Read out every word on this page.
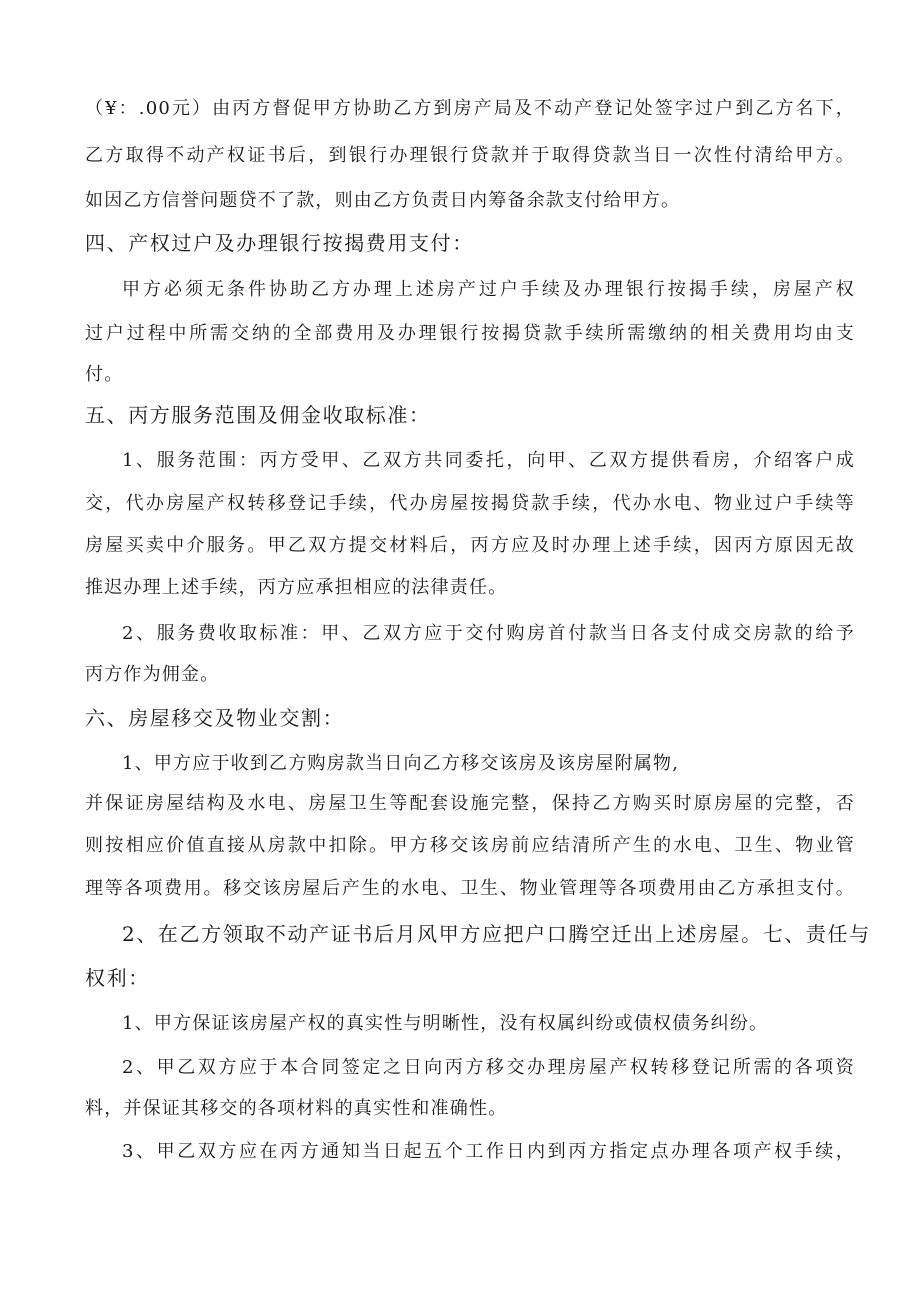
（¥：.00元）由丙方督促甲方协助乙方到房产局及不动产登记处签字过户到乙方名下，
乙方取得不动产权证书后，到银行办理银行贷款并于取得贷款当日一次性付清给甲方。
如因乙方信誉问题贷不了款，则由乙方负责日内筹备余款支付给甲方。
四、产权过户及办理银行按揭费用支付：
甲方必须无条件协助乙方办理上述房产过户手续及办理银行按揭手续，房屋产权
过户过程中所需交纳的全部费用及办理银行按揭贷款手续所需缴纳的相关费用均由支
付。
五、丙方服务范围及佣金收取标准：
1、服务范围：丙方受甲、乙双方共同委托，向甲、乙双方提供看房，介绍客户成
交，代办房屋产权转移登记手续，代办房屋按揭贷款手续，代办水电、物业过户手续等
房屋买卖中介服务。甲乙双方提交材料后，丙方应及时办理上述手续，因丙方原因无故
推迟办理上述手续，丙方应承担相应的法律责任。
2、服务费收取标准：甲、乙双方应于交付购房首付款当日各支付成交房款的给予
丙方作为佣金。
六、房屋移交及物业交割：
1、甲方应于收到乙方购房款当日向乙方移交该房及该房屋附属物,
并保证房屋结构及水电、房屋卫生等配套设施完整，保持乙方购买时原房屋的完整，否
则按相应价值直接从房款中扣除。甲方移交该房前应结清所产生的水电、卫生、物业管
理等各项费用。移交该房屋后产生的水电、卫生、物业管理等各项费用由乙方承担支付。
2、在乙方领取不动产证书后月风甲方应把户口腾空迁出上述房屋。七、责任与
权利：
1、甲方保证该房屋产权的真实性与明晰性，没有权属纠纷或债权债务纠纷。
2、甲乙双方应于本合同签定之日向丙方移交办理房屋产权转移登记所需的各项资
料，并保证其移交的各项材料的真实性和准确性。
3、甲乙双方应在丙方通知当日起五个工作日内到丙方指定点办理各项产权手续，
